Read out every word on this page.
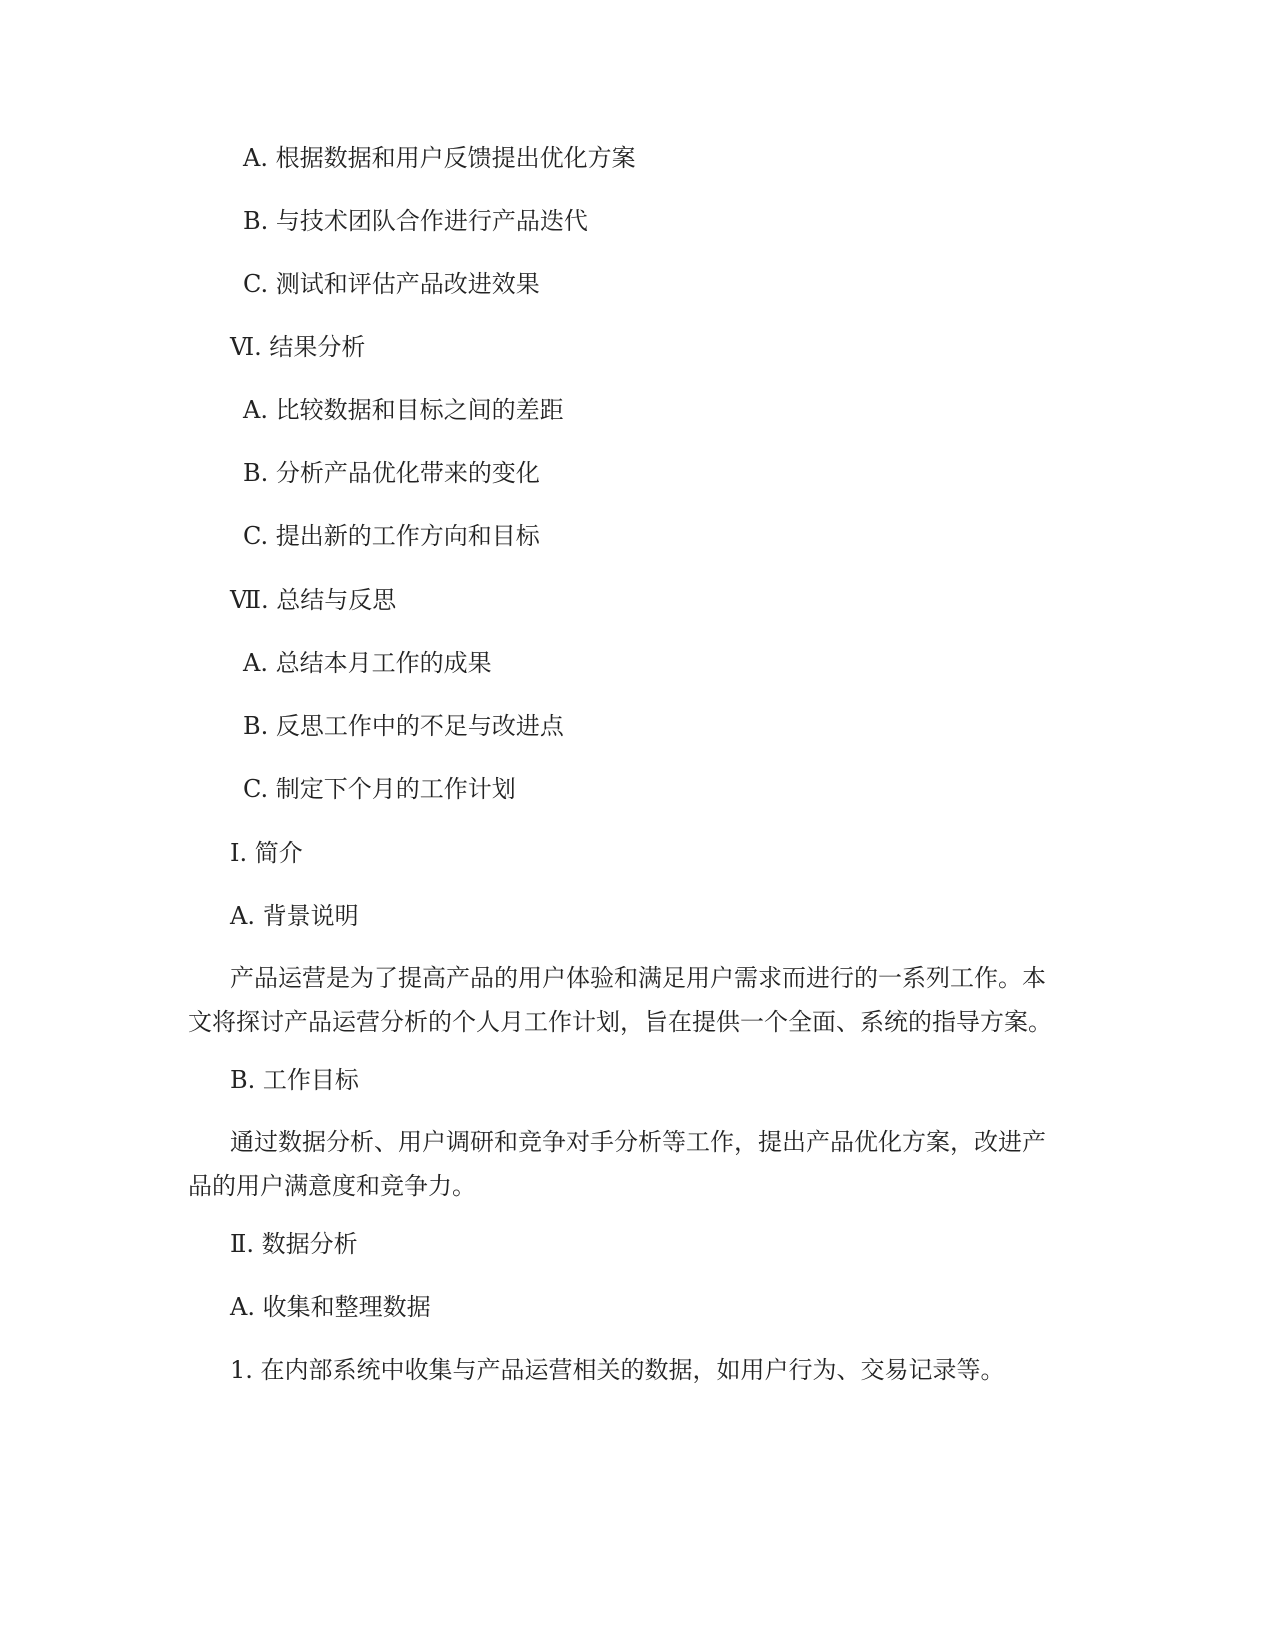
A. 根据数据和用户反馈提出优化方案
B. 与技术团队合作进行产品迭代
C. 测试和评估产品改进效果
Ⅵ. 结果分析
A. 比较数据和目标之间的差距
B. 分析产品优化带来的变化
C. 提出新的工作方向和目标
Ⅶ. 总结与反思
A. 总结本月工作的成果
B. 反思工作中的不足与改进点
C. 制定下个月的工作计划
I. 简介
A. 背景说明
产品运营是为了提高产品的用户体验和满足用户需求而进行的一系列工作。本
文将探讨产品运营分析的个人月工作计划，旨在提供一个全面、系统的指导方案。
B. 工作目标
通过数据分析、用户调研和竞争对手分析等工作，提出产品优化方案，改进产
品的用户满意度和竞争力。
Ⅱ. 数据分析
A. 收集和整理数据
1. 在内部系统中收集与产品运营相关的数据，如用户行为、交易记录等。
